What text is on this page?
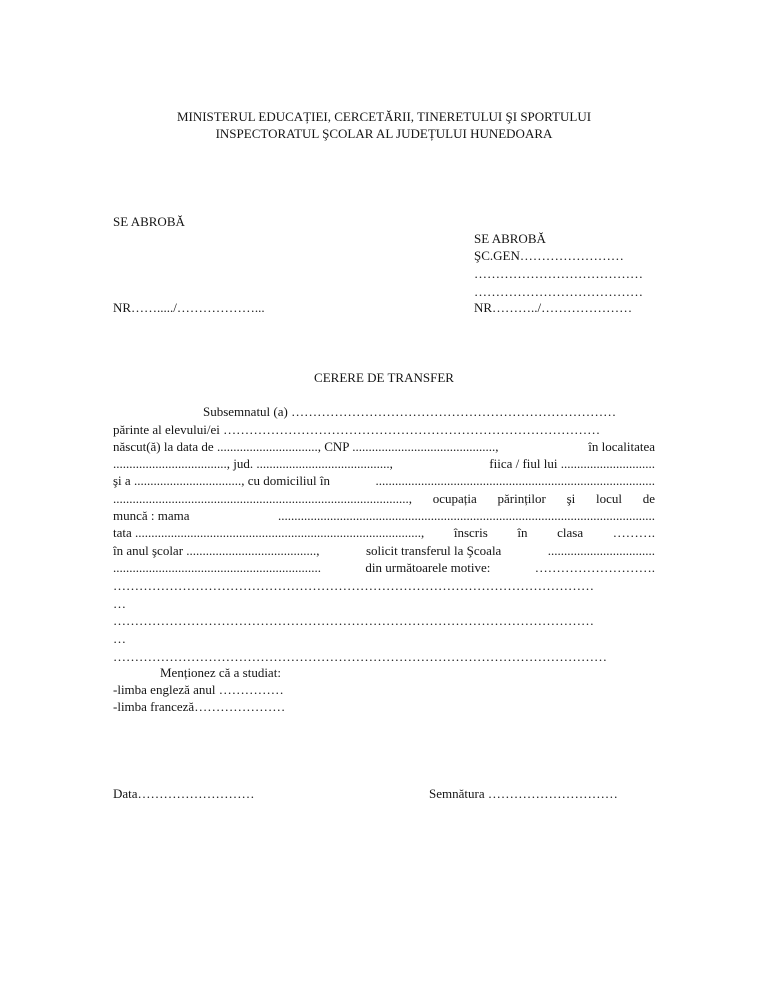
MINISTERUL EDUCAȚIEI, CERCETĂRII, TINERETULUI ŞI SPORTULUI
INSPECTORATUL ŞCOLAR AL JUDEȚULUI HUNEDOARA
SE ABROBĂ
SE ABROBĂ
ŞC.GEN……………………
…………………………………
…………………………………
NR……...../………………...	NR………../…………………
CERERE DE TRANSFER
Subsemnatul (a) …………………………………………………………………
părinte al elevului/ei ……………………………………………………………………………
născut(ă) la data de ..............................., CNP ............................................,	în localitatea
..................................., jud. .........................................,	fiica / fiul lui .............................
şi a ................................., cu domiciliul în	......................................................................................
..........................................................................................., ocupația părinților şi locul de
muncă : mama	....................................................................................................................
tata ........................................................................................, înscris în clasa ……….
în anul şcolar ........................................,	solicit transferul la Şcoala	.................................
................................................................	din următoarele motive:	……………………….
…………………………………………………………………………………………………
…
…………………………………………………………………………………………………
…
……………………………………………………………………………………………………
Menționez că a studiat:
-limba engleză anul ……………
-limba franceză…………………
Data………………………	Semnătura …………………………
